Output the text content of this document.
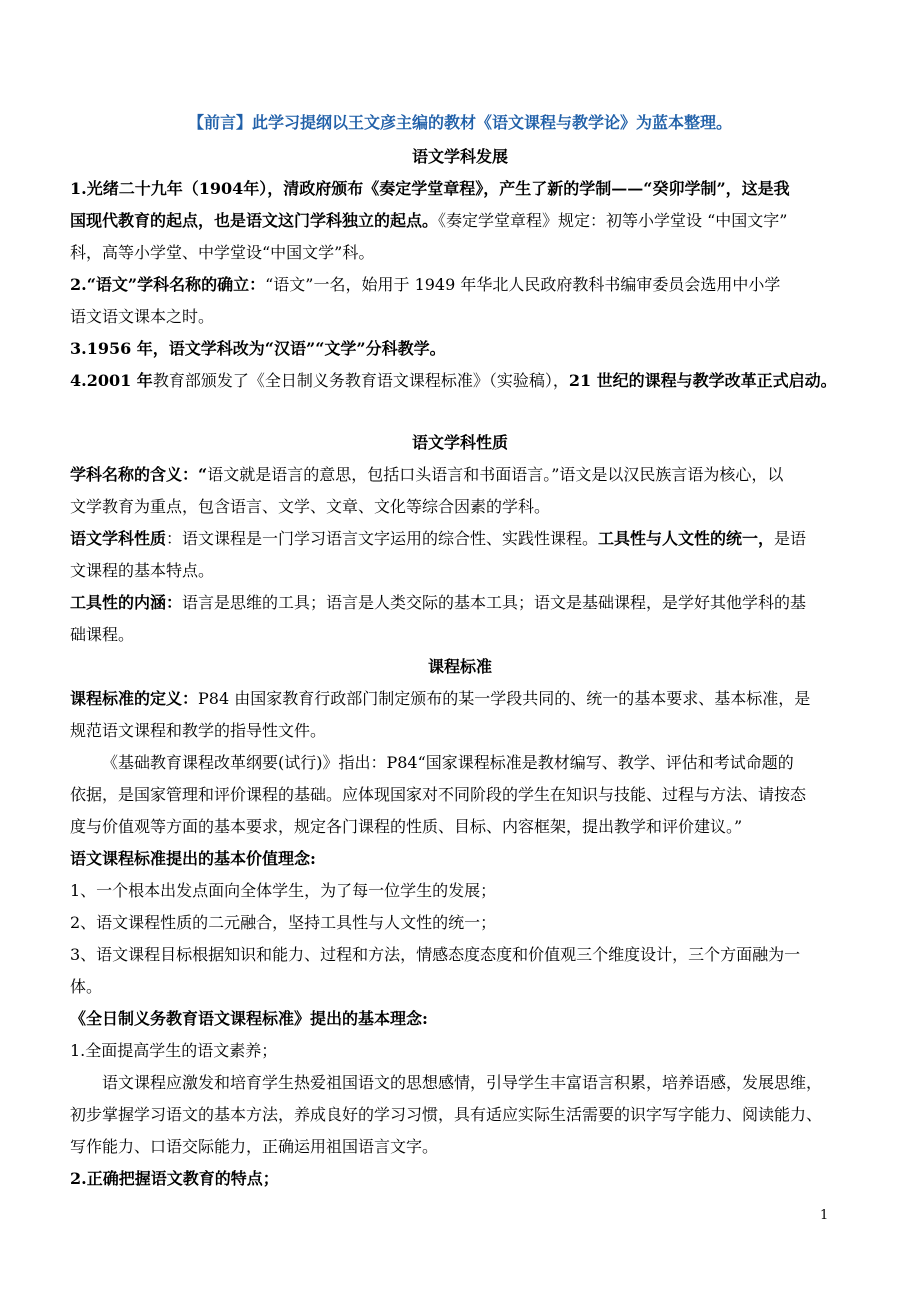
【前言】此学习提纲以王文彦主编的教材《语文课程与教学论》为蓝本整理。
语文学科发展
1.光绪二十九年（1904年），清政府颁布《奏定学堂章程》，产生了新的学制——“癸卯学制”，这是我
国现代教育的起点，也是语文这门学科独立的起点。《奏定学堂章程》规定：初等小学堂设 “中国文字”
科，高等小学堂、中学堂设“中国文学”科。
2.“语文”学科名称的确立：“语文”一名，始用于 1949 年华北人民政府教科书编审委员会选用中小学
语文语文课本之时。
3.1956 年，语文学科改为“汉语”“文学”分科教学。
4.2001 年教育部颁发了《全日制义务教育语文课程标准》（实验稿），21 世纪的课程与教学改革正式启动。
语文学科性质
学科名称的含义：“语文就是语言的意思，包括口头语言和书面语言。”语文是以汉民族言语为核心，以
文学教育为重点，包含语言、文学、文章、文化等综合因素的学科。
语文学科性质：语文课程是一门学习语言文字运用的综合性、实践性课程。工具性与人文性的统一，是语
文课程的基本特点。
工具性的内涵：语言是思维的工具；语言是人类交际的基本工具；语文是基础课程，是学好其他学科的基
础课程。
课程标准
课程标准的定义：P84 由国家教育行政部门制定颁布的某一学段共同的、统一的基本要求、基本标准，是
规范语文课程和教学的指导性文件。
《基础教育课程改革纲要(试行)》指出：P84“国家课程标准是教材编写、教学、评估和考试命题的
依据，是国家管理和评价课程的基础。应体现国家对不同阶段的学生在知识与技能、过程与方法、请按态
度与价值观等方面的基本要求，规定各门课程的性质、目标、内容框架，提出教学和评价建议。”
语文课程标准提出的基本价值理念:
1、一个根本出发点面向全体学生，为了每一位学生的发展；
2、语文课程性质的二元融合，坚持工具性与人文性的统一；
3、语文课程目标根据知识和能力、过程和方法，情感态度态度和价值观三个维度设计，三个方面融为一
体。
《全日制义务教育语文课程标准》提出的基本理念:
1.全面提高学生的语文素养；
语文课程应激发和培育学生热爱祖国语文的思想感情，引导学生丰富语言积累，培养语感，发展思维，
初步掌握学习语文的基本方法，养成良好的学习习惯，具有适应实际生活需要的识字写字能力、阅读能力、
写作能力、口语交际能力，正确运用祖国语言文字。
2.正确把握语文教育的特点；
1
